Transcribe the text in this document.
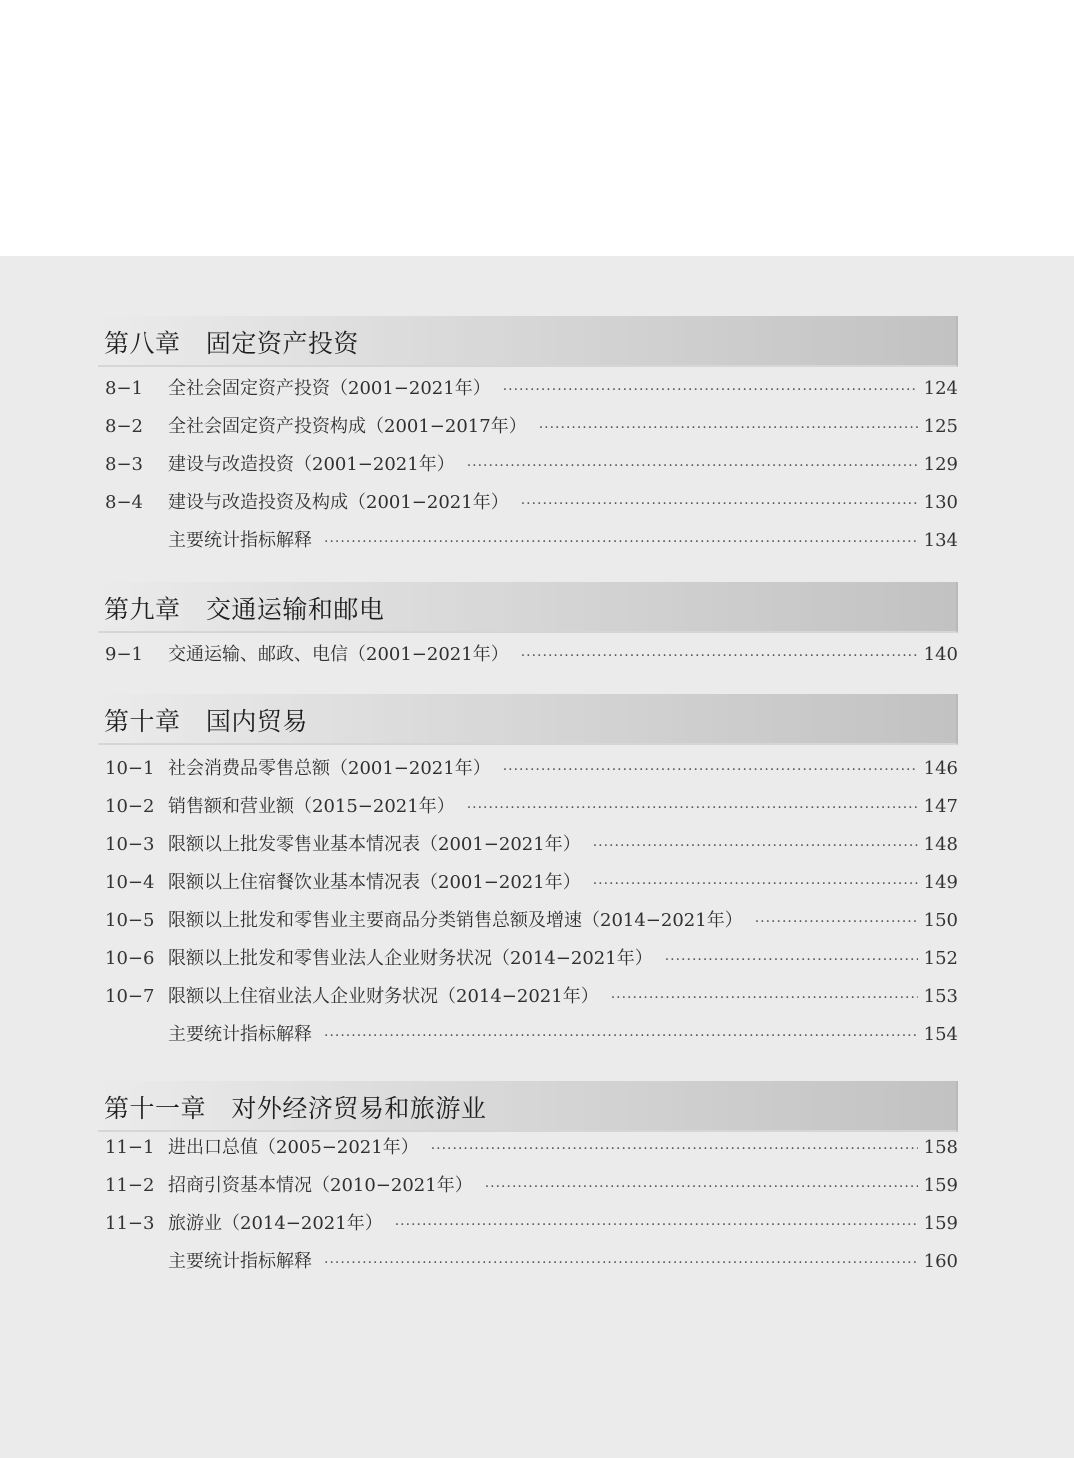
第八章   固定资产投资
8−1 全社会固定资产投资（2001−2021年） ·····	124
8−2 全社会固定资产投资构成（2001−2017年） ·····	125
8−3 建设与改造投资（2001−2021年） ·····	129
8−4 建设与改造投资及构成（2001−2021年） ·····	130
主要统计指标解释 ·····	134
第九章   交通运输和邮电
9−1 交通运输、邮政、电信（2001−2021年） ·····	140
第十章   国内贸易
10−1 社会消费品零售总额（2001−2021年） ·····	146
10−2 销售额和营业额（2015−2021年） ·····	147
10−3 限额以上批发零售业基本情况表（2001−2021年） ·····	148
10−4 限额以上住宿餐饮业基本情况表（2001−2021年） ·····	149
10−5 限额以上批发和零售业主要商品分类销售总额及增速（2014−2021年） ·····	150
10−6 限额以上批发和零售业法人企业财务状况（2014−2021年） ·····	152
10−7 限额以上住宿业法人企业财务状况（2014−2021年） ·····	153
主要统计指标解释 ·····	154
第十一章   对外经济贸易和旅游业
11−1 进出口总值（2005−2021年） ·····	158
11−2 招商引资基本情况（2010−2021年） ·····	159
11−3 旅游业（2014−2021年） ·····	159
主要统计指标解释 ·····	160
